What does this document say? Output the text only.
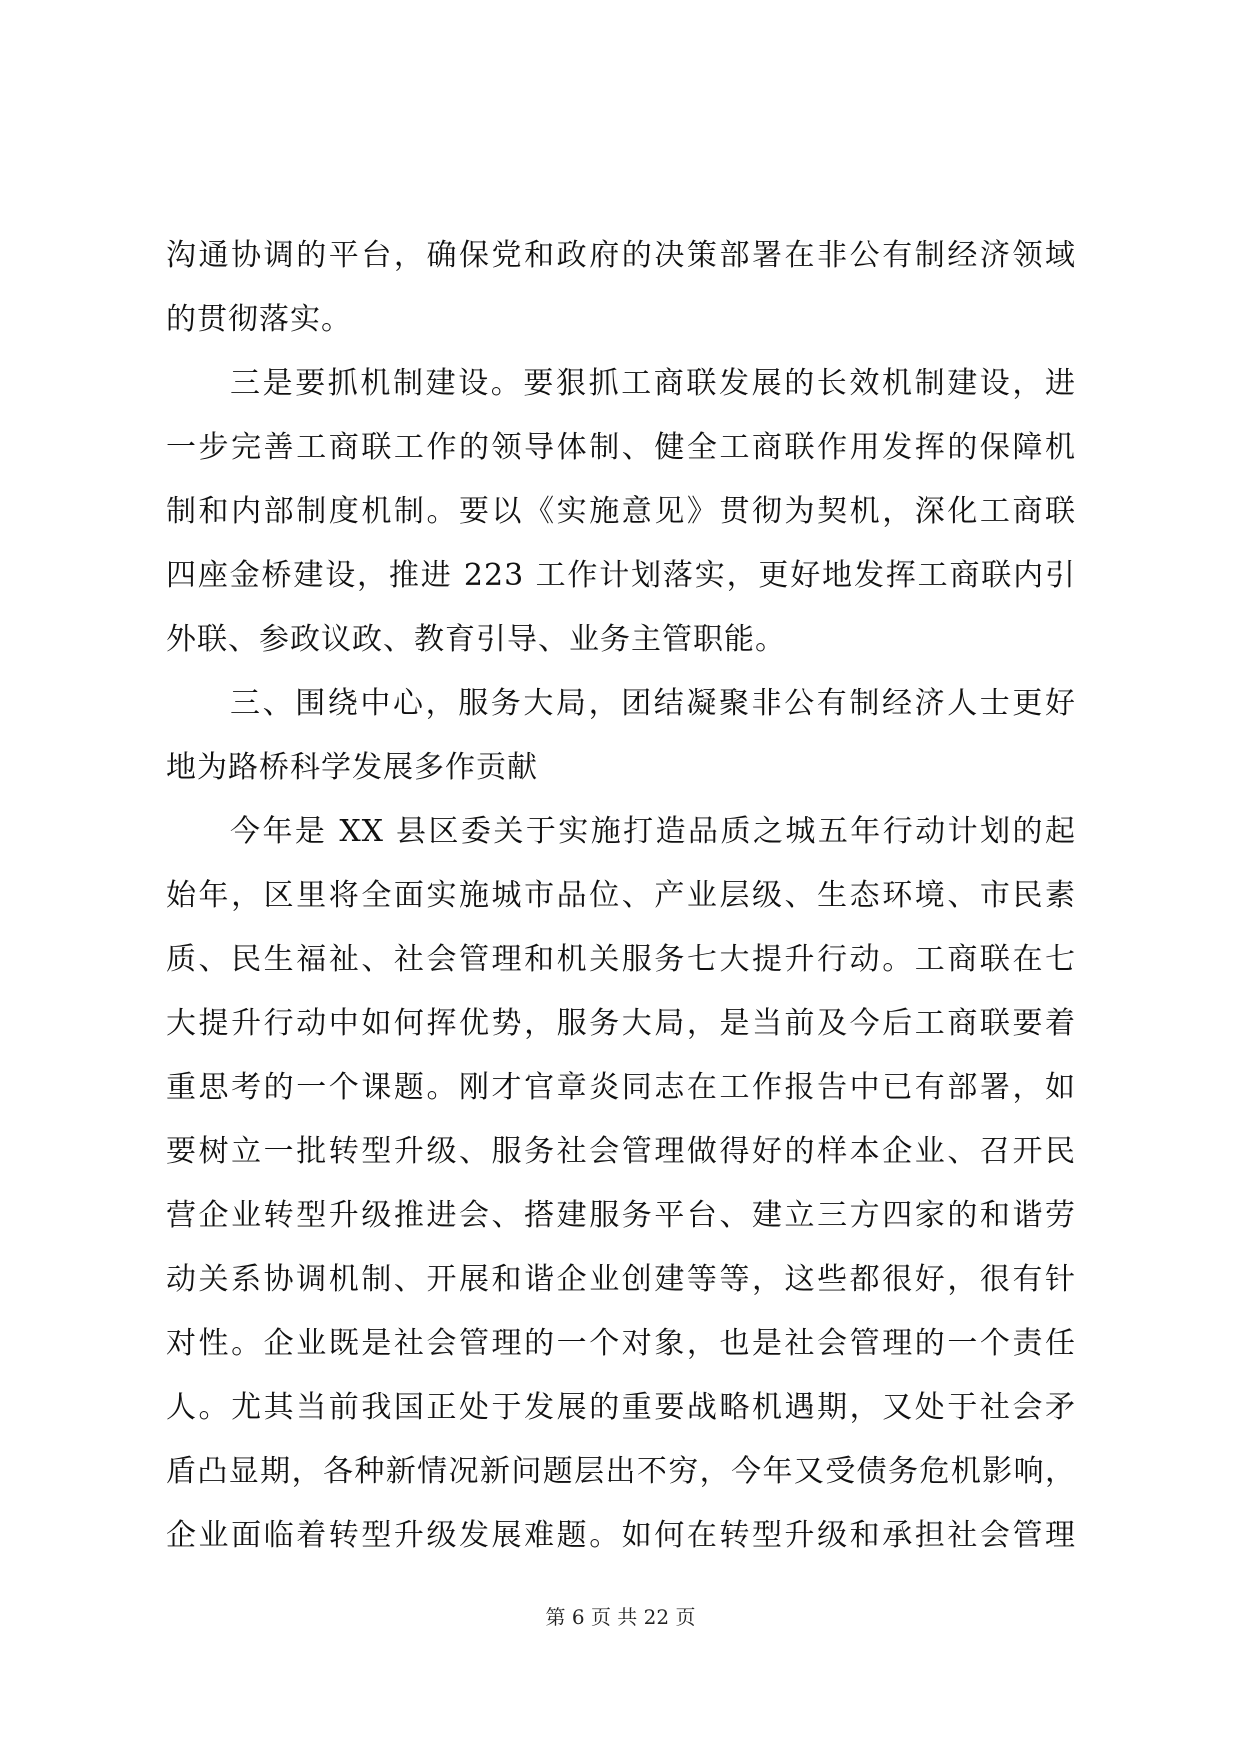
沟通协调的平台，确保党和政府的决策部署在非公有制经济领域
的贯彻落实。
三是要抓机制建设。要狠抓工商联发展的长效机制建设，进
一步完善工商联工作的领导体制、健全工商联作用发挥的保障机
制和内部制度机制。要以《实施意见》贯彻为契机，深化工商联
四座金桥建设，推进 223 工作计划落实，更好地发挥工商联内引
外联、参政议政、教育引导、业务主管职能。
三、围绕中心，服务大局，团结凝聚非公有制经济人士更好
地为路桥科学发展多作贡献
今年是 XX 县区委关于实施打造品质之城五年行动计划的起
始年，区里将全面实施城市品位、产业层级、生态环境、市民素
质、民生福祉、社会管理和机关服务七大提升行动。工商联在七
大提升行动中如何挥优势，服务大局，是当前及今后工商联要着
重思考的一个课题。刚才官章炎同志在工作报告中已有部署，如
要树立一批转型升级、服务社会管理做得好的样本企业、召开民
营企业转型升级推进会、搭建服务平台、建立三方四家的和谐劳
动关系协调机制、开展和谐企业创建等等，这些都很好，很有针
对性。企业既是社会管理的一个对象，也是社会管理的一个责任
人。尤其当前我国正处于发展的重要战略机遇期，又处于社会矛
盾凸显期，各种新情况新问题层出不穷，今年又受债务危机影响，
企业面临着转型升级发展难题。如何在转型升级和承担社会管理
第 6 页 共 22 页
